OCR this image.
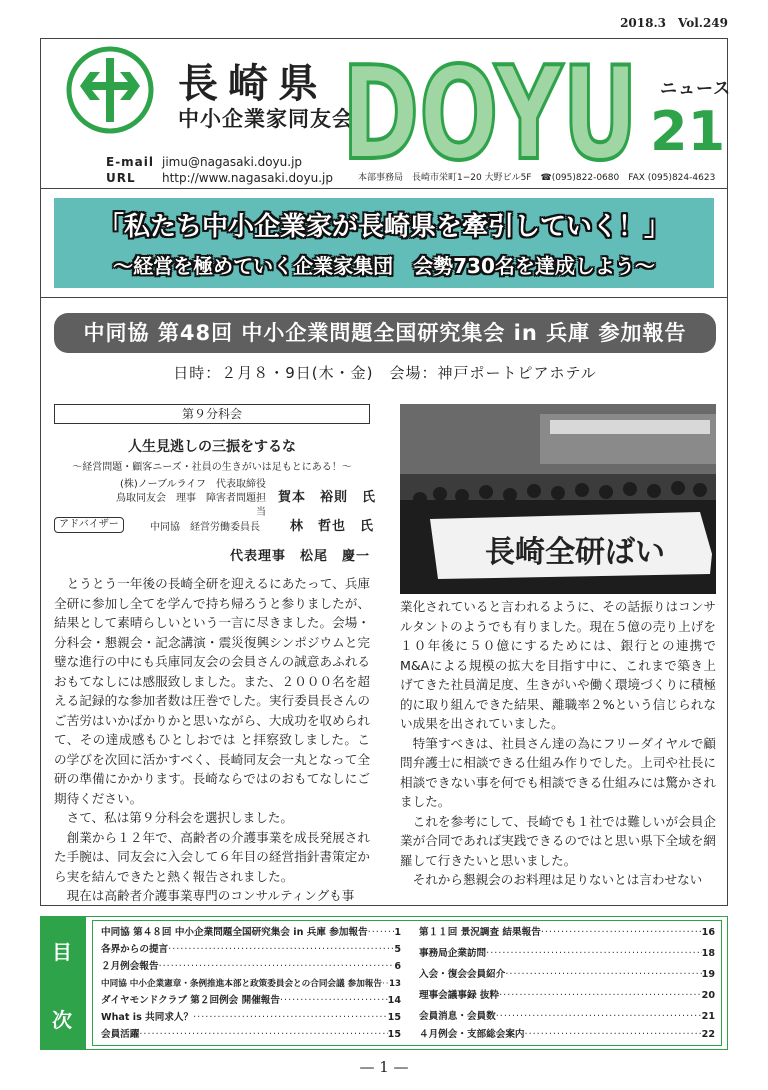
2018.3　Vol.249
長崎県
中小企業家同友会
E-mail jimu@nagasaki.doyu.jp
URL http://www.nagasaki.doyu.jp DOYU ニュース
21
本部事務局　長崎市栄町1−20 大野ビル5F　☎(095)822-0680　FAX (095)824-4623
「私たち中小企業家が長崎県を牽引していく！」
〜経営を極めていく企業家集団　会勢730名を達成しよう〜
中同協 第48回 中小企業問題全国研究集会 in 兵庫 参加報告
日時：２月８・9日(木・金)　会場：神戸ポートピアホテル
第９分科会
人生見逃しの三振をするな
〜経営問題・顧客ニーズ・社員の生きがいは足もとにある！〜
(株)ノーブルライフ　代表取締役
鳥取同友会　理事　障害者問題担当
賀本　裕則　氏
アドバイザー	中同協　経営労働委員長 林　哲也　氏
代表理事　松尾　慶一

とうとう一年後の長崎全研を迎えるにあたって、兵庫全研に参加し全てを学んで持ち帰ろうと参りましたが、結果として素晴らしいという一言に尽きました。会場・分科会・懇親会・記念講演・震災復興シンポジウムと完璧な進行の中にも兵庫同友会の会員さんの誠意あふれるおもてなしには感服致しました。また、２０００名を超える記録的な参加者数は圧巻でした。実行委員長さんのご苦労はいかばかりかと思いながら、大成功を収められて、その達成感もひとしおでは と拝察致しました。この学びを次回に活かすべく、長崎同友会一丸となって全研の準備にかかります。長崎ならではのおもてなしにご期待ください。

さて、私は第９分科会を選択しました。

創業から１２年で、高齢者の介護事業を成長発展された手腕は、同友会に入会して６年目の経営指針書策定から実を結んできたと熱く報告されました。

現在は高齢者介護事業専門のコンサルティングも事

長崎全研ばい

業化されていると言われるように、その話振りはコンサルタントのようでも有りました。現在５億の売り上げを１０年後に５０億にするためには、銀行との連携でM&Aによる規模の拡大を目指す中に、これまで築き上げてきた社員満足度、生きがいや働く環境づくりに積極的に取り組んできた結果、離職率２%という信じられない成果を出されていました。

特筆すべきは、社員さん達の為にフリーダイヤルで顧問弁護士に相談できる仕組み作りでした。上司や社長に相談できない事を何でも相談できる仕組みには驚かされました。

これを参考にして、長崎でも１社では難しいが会員企業が合同であれば実践できるのではと思い県下全域を網羅して行きたいと思いました。

それから懇親会のお料理は足りないとは言わせない

目
次
中同協 第４８回 中小企業問題全国研究集会 in 兵庫 参加報告 ·····	1
各界からの提言 ·····	5
２月例会報告 ·····	6
中同協 中小企業憲章・条例推進本部と政策委員会との合同会議 参加報告 ····· 13
ダイヤモンドクラブ 第２回例会 開催報告 ·····	14
What is 共同求人？ ·····	15
会員活躍 ·····	15
第１１回 景況調査 結果報告 ·····	16
事務局企業訪問 ·····	18
入会・復会会員紹介 ·····	19
理事会議事録 抜粋 ·····	20
会員消息・会員数 ·····	21
４月例会・支部総会案内 ·····	22
— 1 —
